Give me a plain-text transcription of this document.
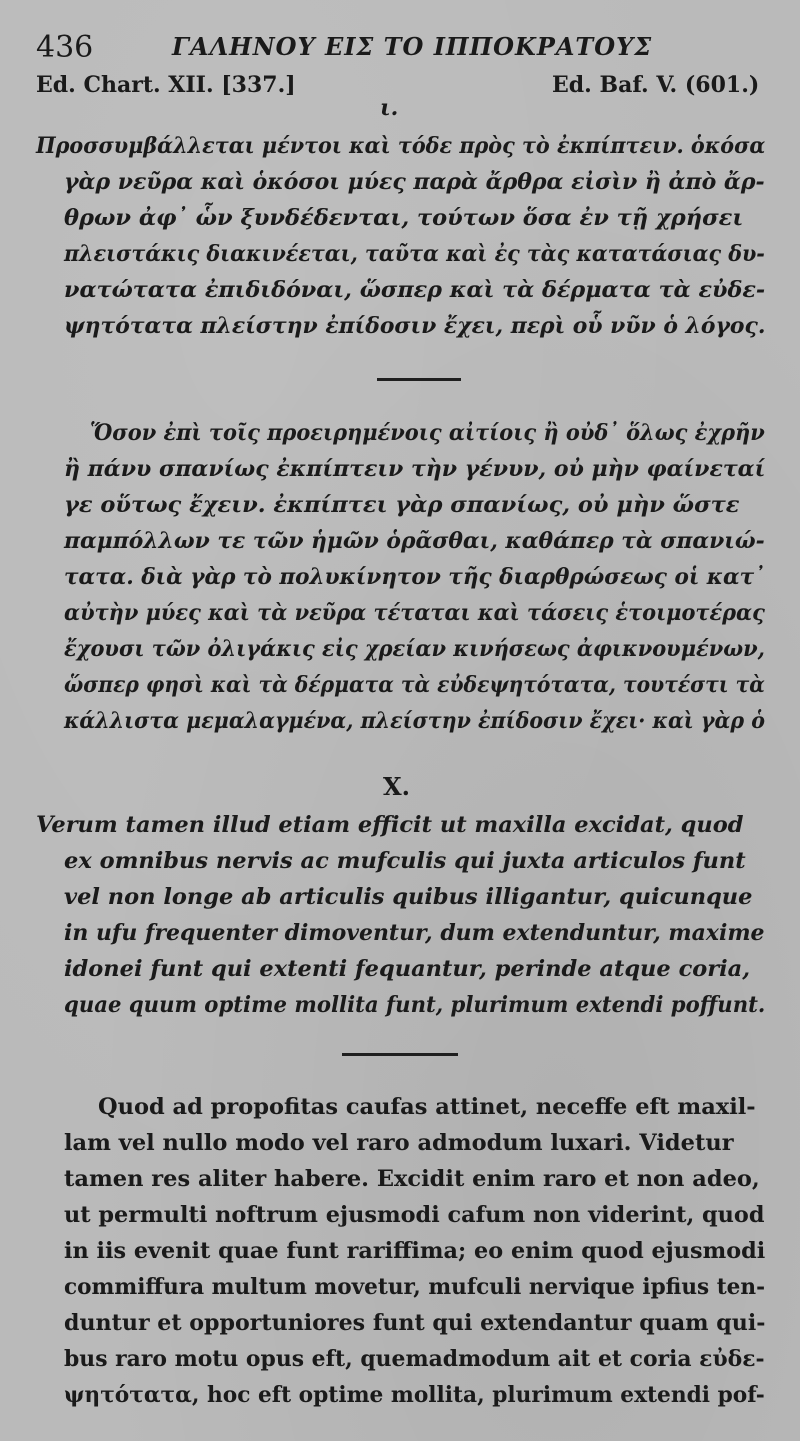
436	ΓΑΛΗΝΟΥ ΕΙΣ ΤΟ ΙΠΠΟΚΡΑΤΟΥΣ
Ed. Chart. XII. [337.]	Ed. Baf. V. (601.)
ι.
Προσσυμβάλλεται μέντοι καὶ τόδε πρὸς τὸ ἐκπίπτειν. ὁκόσα
γὰρ νεῦρα καὶ ὁκόσοι μύες παρὰ ἄρθρα εἰσὶν ἢ ἀπὸ ἄρ-
θρων ἀφ᾽ ὧν ξυνδέδενται, τούτων ὅσα ἐν τῇ χρήσει
πλειστάκις διακινέεται, ταῦτα καὶ ἐς τὰς κατατάσιας δυ-
νατώτατα ἐπιδιδόναι, ὥσπερ καὶ τὰ δέρματα τὰ εὐδε-
ψητότατα πλείστην ἐπίδοσιν ἔχει, περὶ οὗ νῦν ὁ λόγος.
Ὅσον ἐπὶ τοῖς προειρημένοις αἰτίοις ἢ οὐδ᾽ ὅλως ἐχρῆν
ἢ πάνυ σπανίως ἐκπίπτειν τὴν γένυν, οὐ μὴν φαίνεταί
γε οὕτως ἔχειν. ἐκπίπτει γὰρ σπανίως, οὐ μὴν ὥστε
παμπόλλων τε τῶν ἡμῶν ὁρᾶσθαι, καθάπερ τὰ σπανιώ-
τατα. διὰ γὰρ τὸ πολυκίνητον τῆς διαρθρώσεως οἱ κατ᾽
αὐτὴν μύες καὶ τὰ νεῦρα τέταται καὶ τάσεις ἑτοιμοτέρας
ἔχουσι τῶν ὀλιγάκις εἰς χρείαν κινήσεως ἀφικνουμένων,
ὥσπερ φησὶ καὶ τὰ δέρματα τὰ εὐδεψητότατα, τουτέστι τὰ
κάλλιστα μεμαλαγμένα, πλείστην ἐπίδοσιν ἔχει· καὶ γὰρ ὁ
X.
Verum tamen illud etiam efficit ut maxilla excidat, quod
ex omnibus nervis ac mufculis qui juxta articulos funt
vel non longe ab articulis quibus illigantur, quicunque
in ufu frequenter dimoventur, dum extenduntur, maxime
idonei funt qui extenti fequantur, perinde atque coria,
quae quum optime mollita funt, plurimum extendi poffunt.
Quod ad propofitas caufas attinet, neceffe eft maxil-
lam vel nullo modo vel raro admodum luxari. Videtur
tamen res aliter habere. Excidit enim raro et non adeo,
ut permulti noftrum ejusmodi cafum non viderint, quod
in iis evenit quae funt rariffima; eo enim quod ejusmodi
commiffura multum movetur, mufculi nervique ipfius ten-
duntur et opportuniores funt qui extendantur quam qui-
bus raro motu opus eft, quemadmodum ait et coria εὐδε-
ψητότατα, hoc eft optime mollita, plurimum extendi pof-
